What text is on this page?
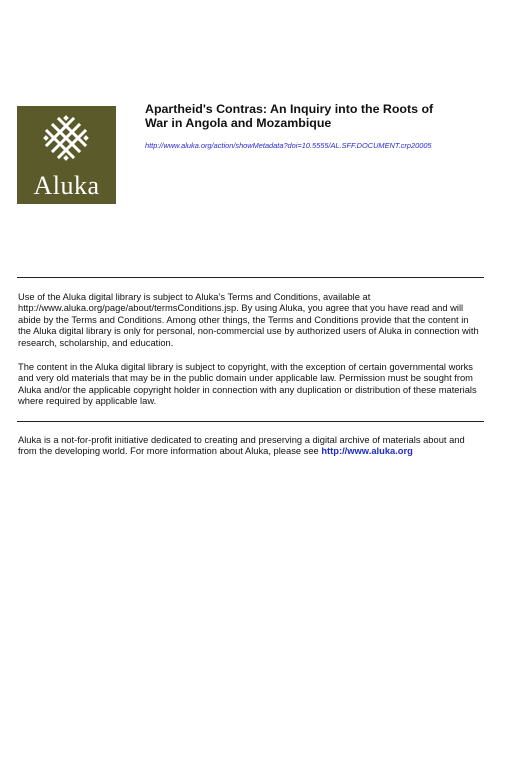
Aluka
Apartheid's Contras: An Inquiry into the Roots of War in Angola and Mozambique
http://www.aluka.org/action/showMetadata?doi=10.5555/AL.SFF.DOCUMENT.crp20005

Use of the Aluka digital library is subject to Aluka’s Terms and Conditions, available at http://www.aluka.org/page/about/termsConditions.jsp. By using Aluka, you agree that you have read and will abide by the Terms and Conditions. Among other things, the Terms and Conditions provide that the content in the Aluka digital library is only for personal, non-commercial use by authorized users of Aluka in connection with research, scholarship, and education.

The content in the Aluka digital library is subject to copyright, with the exception of certain governmental works and very old materials that may be in the public domain under applicable law. Permission must be sought from Aluka and/or the applicable copyright holder in connection with any duplication or distribution of these materials where required by applicable law.

Aluka is a not-for-profit initiative dedicated to creating and preserving a digital archive of materials about and from the developing world. For more information about Aluka, please see http://www.aluka.org
